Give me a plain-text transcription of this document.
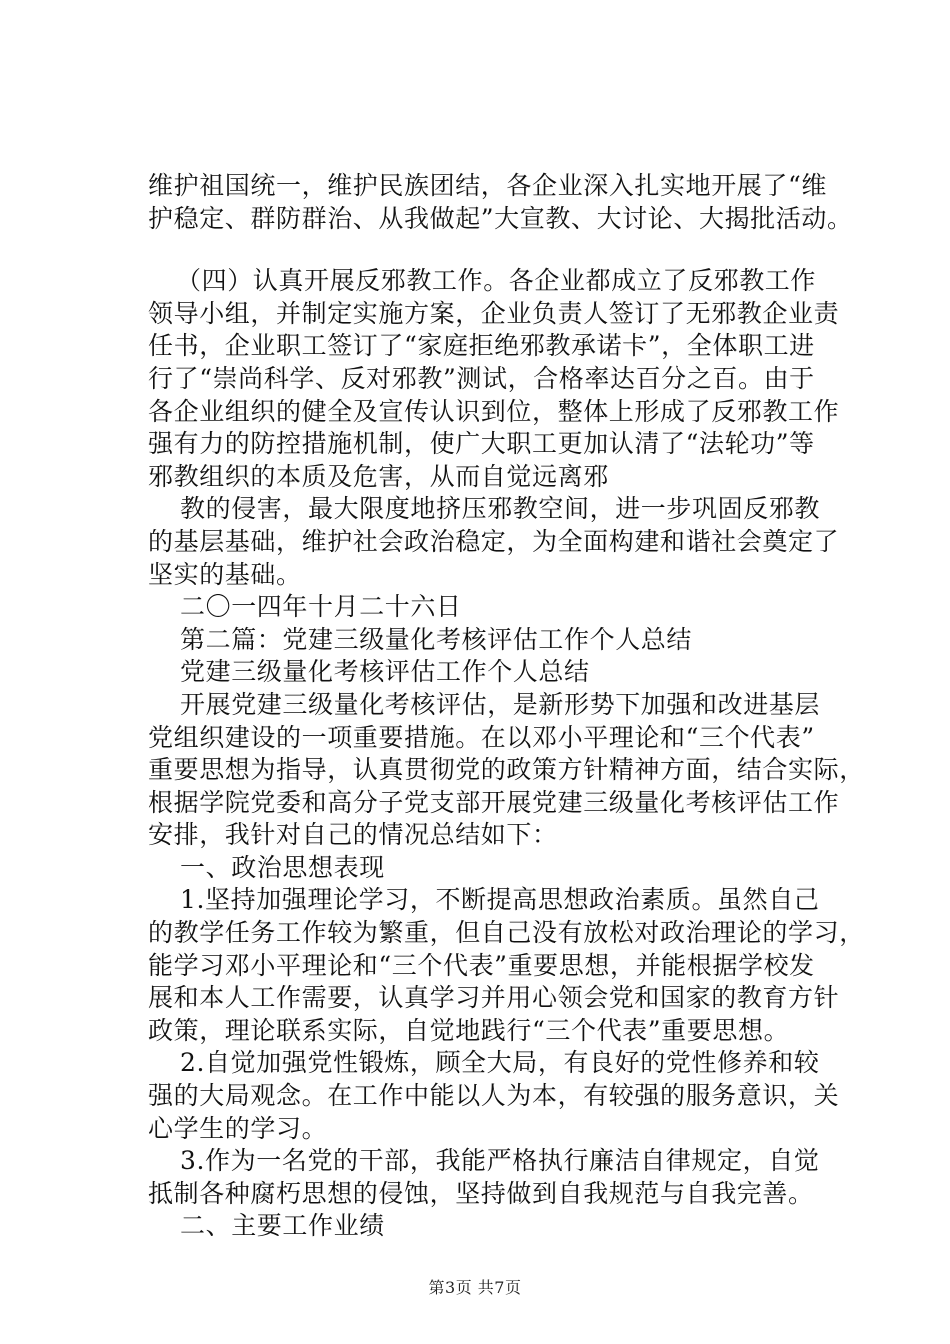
维护祖国统一，维护民族团结，各企业深入扎实地开展了“维
护稳定、群防群治、从我做起”大宣教、大讨论、大揭批活动。
（四）认真开展反邪教工作。各企业都成立了反邪教工作
领导小组，并制定实施方案，企业负责人签订了无邪教企业责
任书，企业职工签订了“家庭拒绝邪教承诺卡”，全体职工进
行了“崇尚科学、反对邪教”测试，合格率达百分之百。由于
各企业组织的健全及宣传认识到位，整体上形成了反邪教工作
强有力的防控措施机制，使广大职工更加认清了“法轮功”等
邪教组织的本质及危害，从而自觉远离邪
教的侵害，最大限度地挤压邪教空间，进一步巩固反邪教
的基层基础，维护社会政治稳定，为全面构建和谐社会奠定了
坚实的基础。
二〇一四年十月二十六日
第二篇：党建三级量化考核评估工作个人总结
党建三级量化考核评估工作个人总结
开展党建三级量化考核评估，是新形势下加强和改进基层
党组织建设的一项重要措施。在以邓小平理论和“三个代表”
重要思想为指导，认真贯彻党的政策方针精神方面，结合实际，
根据学院党委和高分子党支部开展党建三级量化考核评估工作
安排，我针对自己的情况总结如下：
一、政治思想表现
1.坚持加强理论学习，不断提高思想政治素质。虽然自己
的教学任务工作较为繁重，但自己没有放松对政治理论的学习，
能学习邓小平理论和“三个代表”重要思想，并能根据学校发
展和本人工作需要，认真学习并用心领会党和国家的教育方针
政策，理论联系实际，自觉地践行“三个代表”重要思想。
2.自觉加强党性锻炼，顾全大局，有良好的党性修养和较
强的大局观念。在工作中能以人为本，有较强的服务意识，关
心学生的学习。
3.作为一名党的干部，我能严格执行廉洁自律规定，自觉
抵制各种腐朽思想的侵蚀，坚持做到自我规范与自我完善。
二、主要工作业绩
第3页 共7页
